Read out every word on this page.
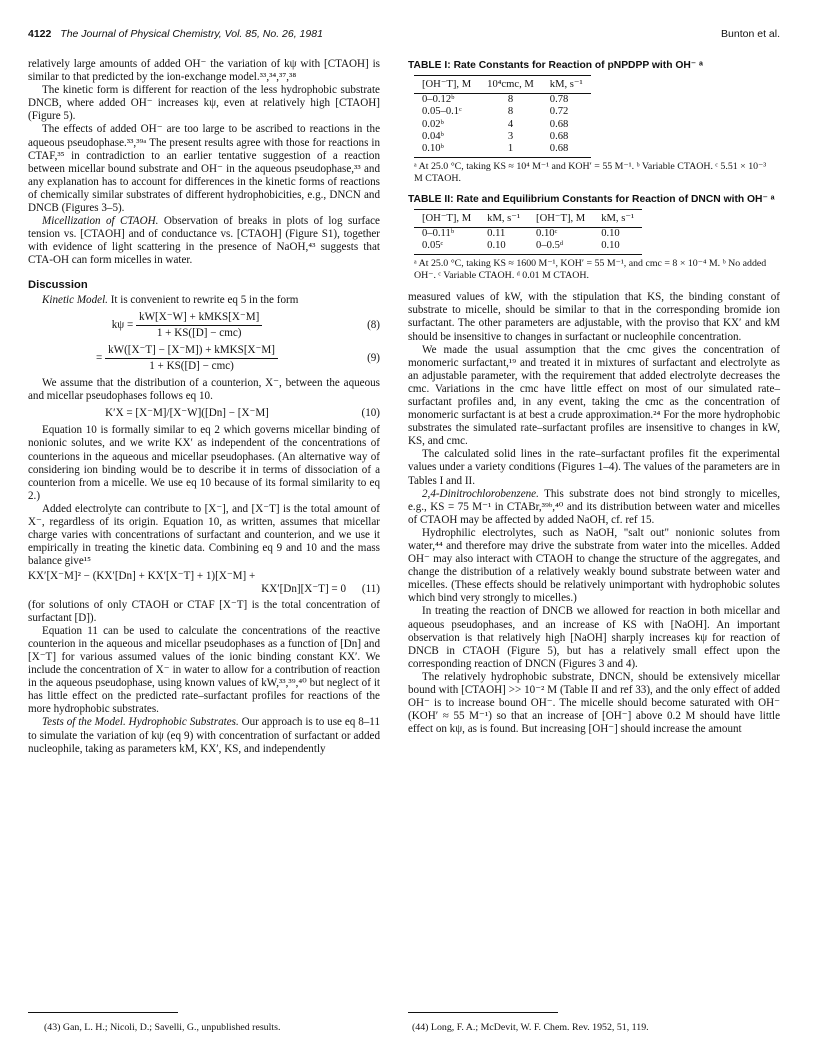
4122 The Journal of Physical Chemistry, Vol. 85, No. 26, 1981	Bunton et al.

relatively large amounts of added OH⁻ the variation of kψ with [CTAOH] is similar to that predicted by the ion-exchange model.³³,³⁴,³⁷,³⁸

The kinetic form is different for reaction of the less hydrophobic substrate DNCB, where added OH⁻ increases kψ, even at relatively high [CTAOH] (Figure 5).

The effects of added OH⁻ are too large to be ascribed to reactions in the aqueous pseudophase.³³,³⁹ᵃ The present results agree with those for reactions in CTAF,³⁵ in contradiction to an earlier tentative suggestion of a reaction between micellar bound substrate and OH⁻ in the aqueous pseudophase,³³ and any explanation has to account for differences in the kinetic forms of reactions of chemically similar substrates of different hydrophobicities, e.g., DNCN and DNCB (Figures 3–5).

Micellization of CTAOH. Observation of breaks in plots of log surface tension vs. [CTAOH] and of conductance vs. [CTAOH] (Figure S1), together with evidence of light scattering in the presence of NaOH,⁴³ suggests that CTA-OH can form micelles in water.

Discussion

Kinetic Model. It is convenient to rewrite eq 5 in the form

$k\psi = \frac{\text{kW[X⁻W] + kMKS[X⁻M]}}{\text{1 + KS([D] − cmc)}}$	(8)
= $\frac{\text{kW([X⁻T] − [X⁻M]) + kMKS[X⁻M]}}{\text{1 + KS([D] − cmc)}}$	(9)

We assume that the distribution of a counterion, X⁻, between the aqueous and micellar pseudophases follows eq 10.

K′X = [X⁻M]/[X⁻W]([Dn] − [X⁻M]	(10)

Equation 10 is formally similar to eq 2 which governs micellar binding of nonionic solutes, and we write KX′ as independent of the concentrations of counterions in the aqueous and micellar pseudophases. (An alternative way of considering ion binding would be to describe it in terms of dissociation of a counterion from a micelle. We use eq 10 because of its formal similarity to eq 2.)

Added electrolyte can contribute to [X⁻], and [X⁻T] is the total amount of X⁻, regardless of its origin. Equation 10, as written, assumes that micellar charge varies with concentrations of surfactant and counterion, and we use it empirically in treating the kinetic data. Combining eq 9 and 10 and the mass balance give¹⁵

KX′[X⁻M]² − (KX′[Dn] + KX′[X⁻T] + 1)[X⁻M] +
KX′[Dn][X⁻T] = 0	(11)

(for solutions of only CTAOH or CTAF [X⁻T] is the total concentration of surfactant [D]).

Equation 11 can be used to calculate the concentrations of the reactive counterion in the aqueous and micellar pseudophases as a function of [Dn] and [X⁻T] for various assumed values of the ionic binding constant KX′. We include the concentration of X⁻ in water to allow for a contribution of reaction in the aqueous pseudophase, using known values of kW,³³,³⁹,⁴⁰ but neglect of it has little effect on the predicted rate–surfactant profiles for reactions of the more hydrophobic substrates.

Tests of the Model. Hydrophobic Substrates. Our approach is to use eq 8–11 to simulate the variation of kψ (eq 9) with concentration of surfactant or added nucleophile, taking as parameters kM, KX′, KS, and independently

TABLE I: Rate Constants for Reaction of pNPDPP with OH⁻ ᵃ
[OH⁻T], M	10⁴cmc, M	kM, s⁻¹
0–0.12ᵇ	8	0.78
0.05–0.1ᶜ	8	0.72
0.02ᵇ	4	0.68
0.04ᵇ	3	0.68
0.10ᵇ	1	0.68
ᵃ At 25.0 °C, taking KS ≈ 10⁴ M⁻¹ and KOH′ = 55 M⁻¹. ᵇ Variable CTAOH. ᶜ 5.51 × 10⁻³ M CTAOH.
TABLE II: Rate and Equilibrium Constants for Reaction of DNCN with OH⁻ ᵃ
[OH⁻T], M	kM, s⁻¹	[OH⁻T], M	kM, s⁻¹
0–0.11ᵇ	0.11	0.10ᶜ	0.10
0.05ᶜ	0.10	0–0.5ᵈ	0.10
ᵃ At 25.0 °C, taking KS ≈ 1600 M⁻¹, KOH′ = 55 M⁻¹, and cmc = 8 × 10⁻⁴ M. ᵇ No added OH⁻. ᶜ Variable CTAOH. ᵈ 0.01 M CTAOH.

measured values of kW, with the stipulation that KS, the binding constant of substrate to micelle, should be similar to that in the corresponding bromide ion surfactant. The other parameters are adjustable, with the proviso that KX′ and kM should be insensitive to changes in surfactant or nucleophile concentration.

We made the usual assumption that the cmc gives the concentration of monomeric surfactant,¹⁹ and treated it in mixtures of surfactant and electrolyte as an adjustable parameter, with the requirement that added electrolyte decreases the cmc. Variations in the cmc have little effect on most of our simulated rate–surfactant profiles and, in any event, taking the cmc as the concentration of monomeric surfactant is at best a crude approximation.²⁴ For the more hydrophobic substrates the simulated rate–surfactant profiles are insensitive to changes in kW, KS, and cmc.

The calculated solid lines in the rate–surfactant profiles fit the experimental values under a variety conditions (Figures 1–4). The values of the parameters are in Tables I and II.

2,4-Dinitrochlorobenzene. This substrate does not bind strongly to micelles, e.g., KS = 75 M⁻¹ in CTABr,³⁹ᵇ,⁴⁰ and its distribution between water and micelles of CTAOH may be affected by added NaOH, cf. ref 15.

Hydrophilic electrolytes, such as NaOH, "salt out" nonionic solutes from water,⁴⁴ and therefore may drive the substrate from water into the micelles. Added OH⁻ may also interact with CTAOH to change the structure of the aggregates, and change the distribution of a relatively weakly bound substrate between water and micelles. (These effects should be relatively unimportant with hydrophobic solutes which bind very strongly to micelles.)

In treating the reaction of DNCB we allowed for reaction in both micellar and aqueous pseudophases, and an increase of KS with [NaOH]. An important observation is that relatively high [NaOH] sharply increases kψ for reaction of DNCB in CTAOH (Figure 5), but has a relatively small effect upon the corresponding reaction of DNCN (Figures 3 and 4).

The relatively hydrophobic substrate, DNCN, should be extensively micellar bound with [CTAOH] >> 10⁻² M (Table II and ref 33), and the only effect of added OH⁻ is to increase bound OH⁻. The micelle should become saturated with OH⁻ (KOH′ ≈ 55 M⁻¹) so that an increase of [OH⁻] above 0.2 M should have little effect on kψ, as is found. But increasing [OH⁻] should increase the amount

(43) Gan, L. H.; Nicoli, D.; Savelli, G., unpublished results.	(44) Long, F. A.; McDevit, W. F. Chem. Rev. 1952, 51, 119.
